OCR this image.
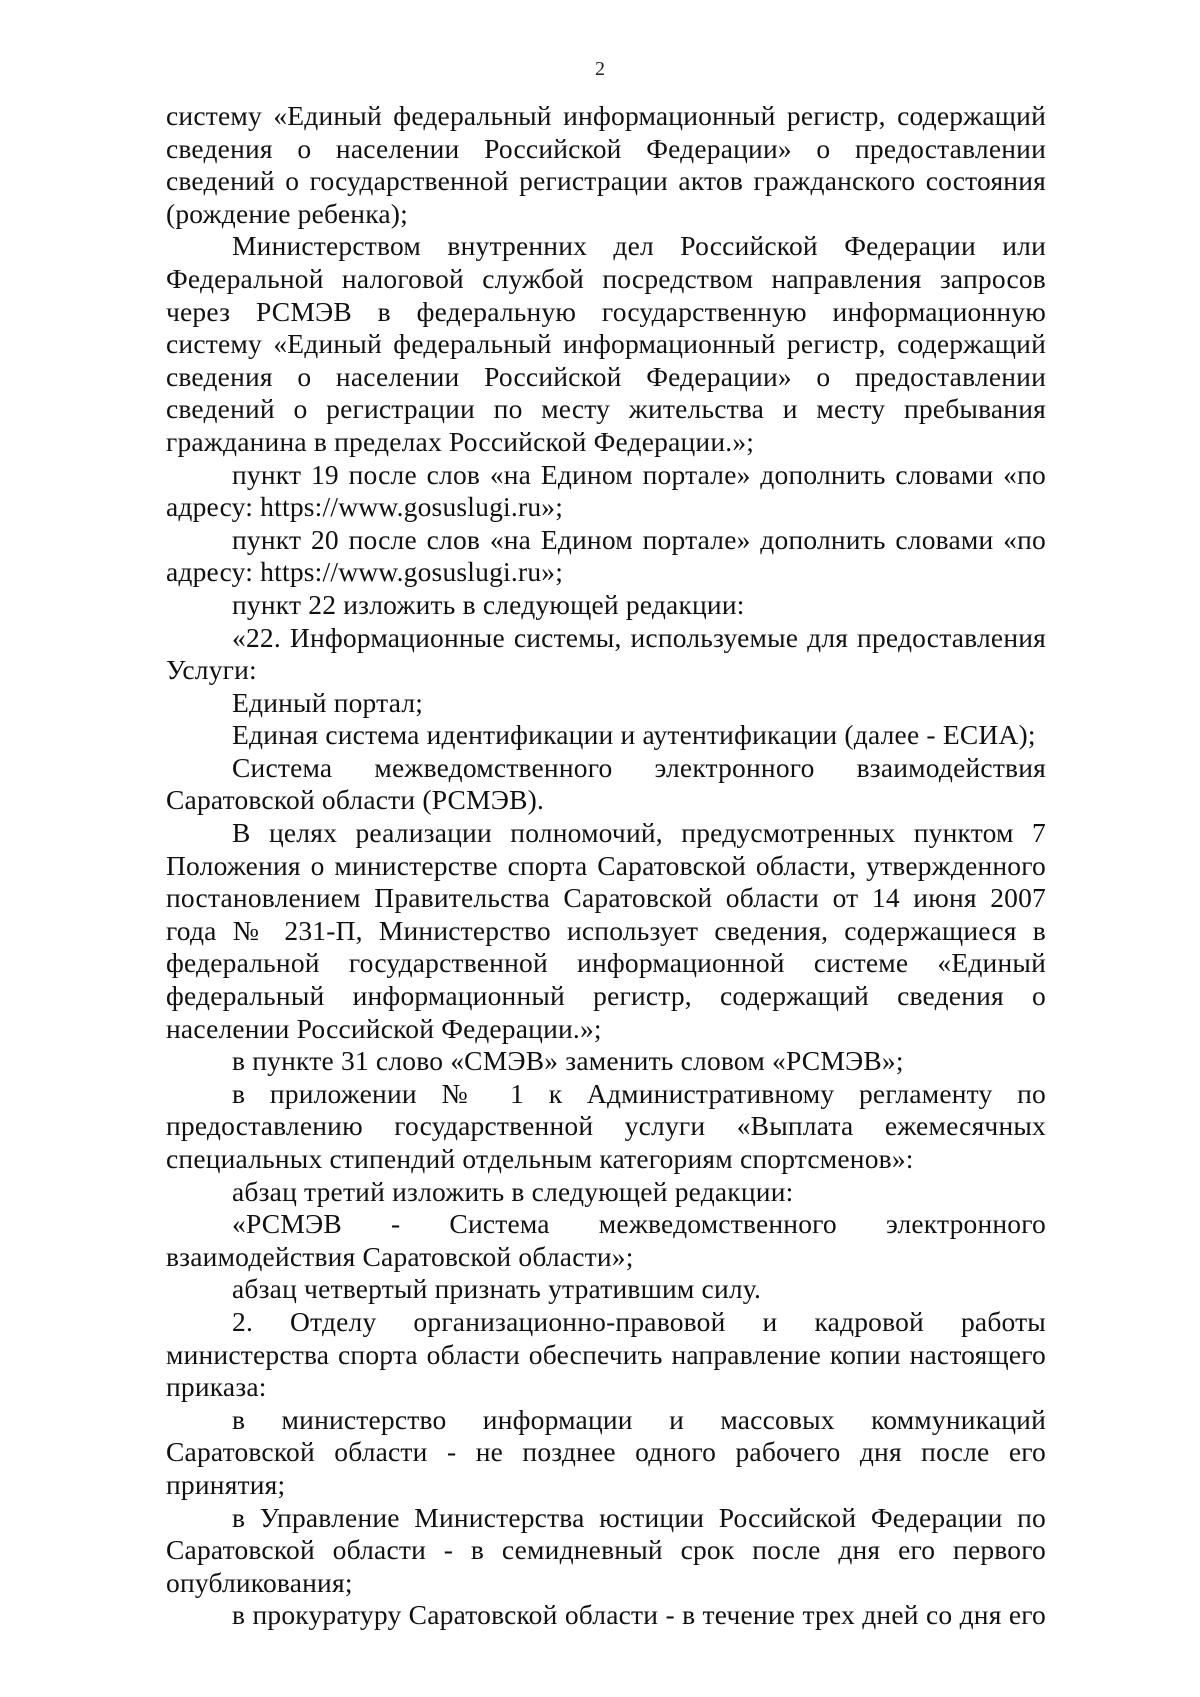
2
систему «Единый федеральный информационный регистр, содержащий сведения о населении Российской Федерации» о предоставлении сведений о государственной регистрации актов гражданского состояния (рождение ребенка);
Министерством внутренних дел Российской Федерации или Федеральной налоговой службой посредством направления запросов через РСМЭВ в федеральную государственную информационную систему «Единый федеральный информационный регистр, содержащий сведения о населении Российской Федерации» о предоставлении сведений о регистрации по месту жительства и месту пребывания гражданина в пределах Российской Федерации.»;
пункт 19 после слов «на Едином портале» дополнить словами «по адресу: https://www.gosuslugi.ru»;
пункт 20 после слов «на Едином портале» дополнить словами «по адресу: https://www.gosuslugi.ru»;
пункт 22 изложить в следующей редакции:
«22. Информационные системы, используемые для предоставления Услуги:
Единый портал;
Единая система идентификации и аутентификации (далее - ЕСИА);
Система межведомственного электронного взаимодействия Саратовской области (РСМЭВ).
В целях реализации полномочий, предусмотренных пунктом 7 Положения о министерстве спорта Саратовской области, утвержденного постановлением Правительства Саратовской области от 14 июня 2007 года № 231-П, Министерство использует сведения, содержащиеся в федеральной государственной информационной системе «Единый федеральный информационный регистр, содержащий сведения о населении Российской Федерации.»;
в пункте 31 слово «СМЭВ» заменить словом «РСМЭВ»;
в приложении № 1 к Административному регламенту по предоставлению государственной услуги «Выплата ежемесячных специальных стипендий отдельным категориям спортсменов»:
абзац третий изложить в следующей редакции:
«РСМЭВ - Система межведомственного электронного взаимодействия Саратовской области»;
абзац четвертый признать утратившим силу.
2. Отделу организационно-правовой и кадровой работы министерства спорта области обеспечить направление копии настоящего приказа:
в министерство информации и массовых коммуникаций Саратовской области - не позднее одного рабочего дня после его принятия;
в Управление Министерства юстиции Российской Федерации по Саратовской области - в семидневный срок после дня его первого опубликования;
в прокуратуру Саратовской области - в течение трех дней со дня его
